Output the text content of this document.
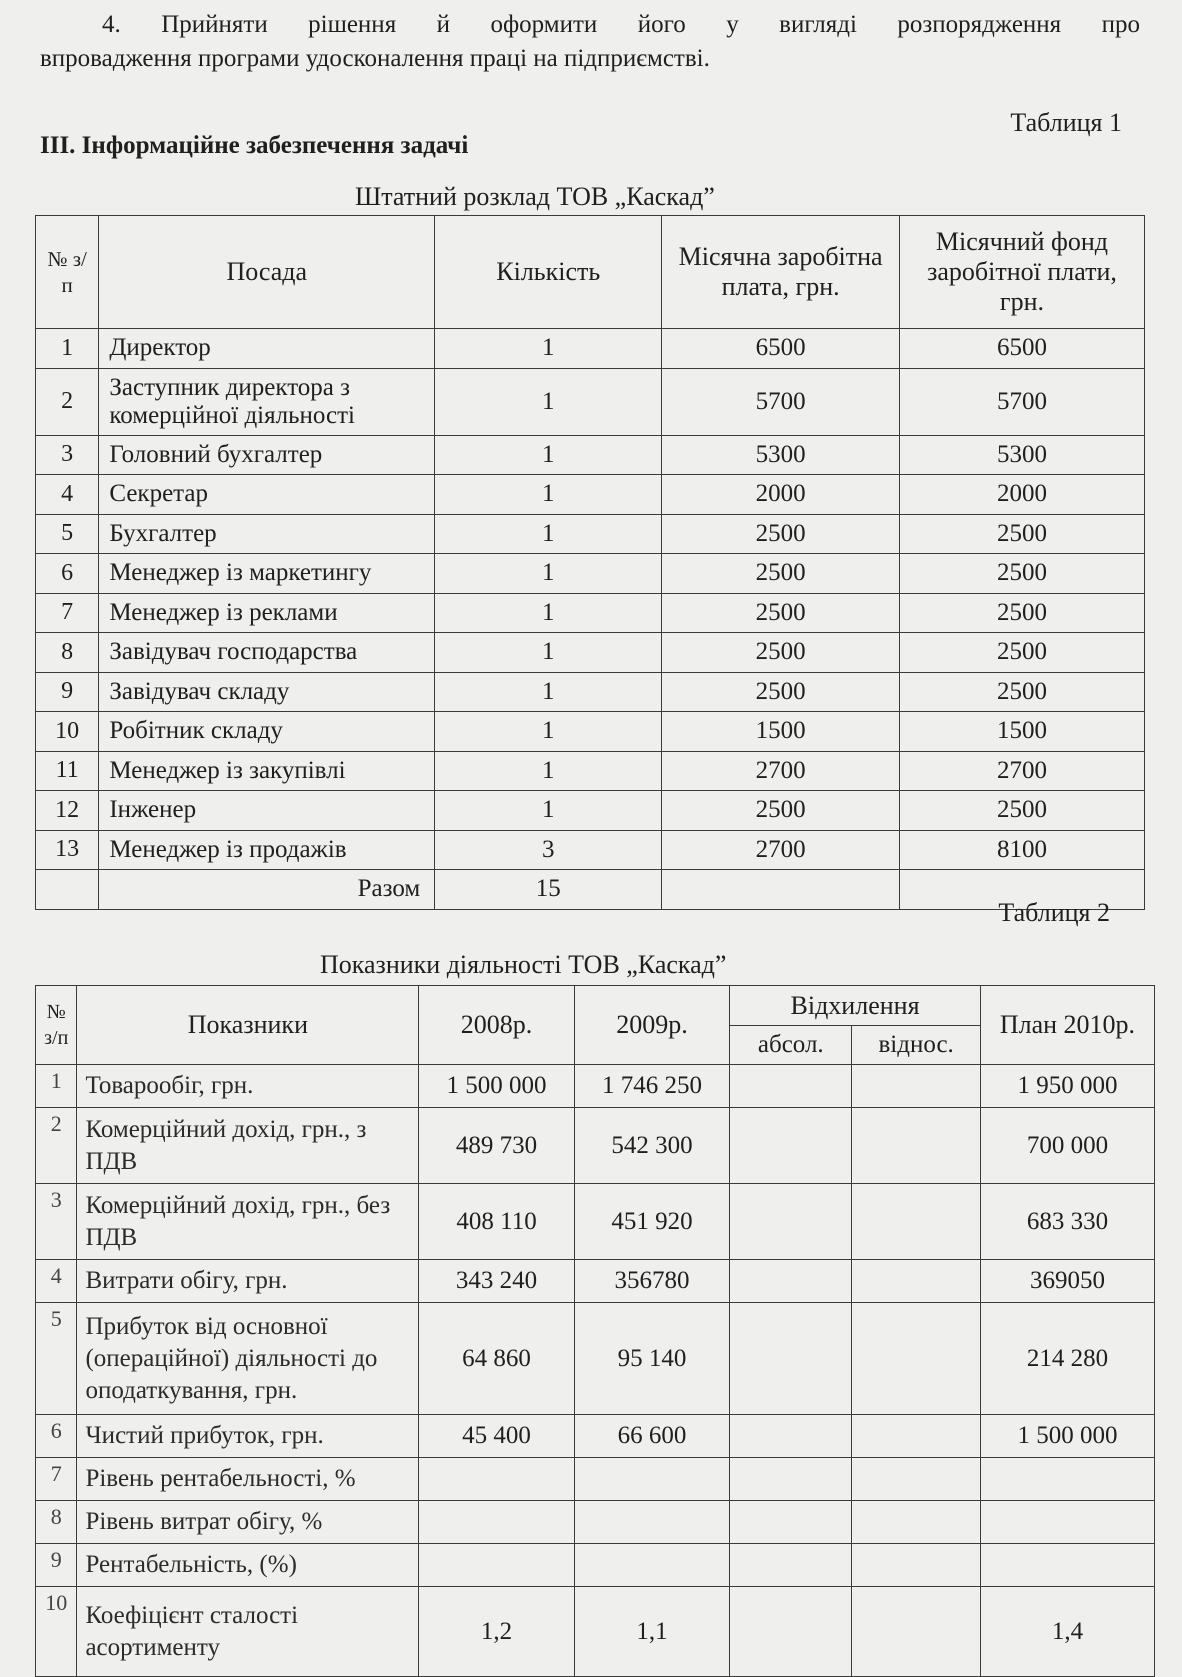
4. Прийняти рішення й оформити його у вигляді розпорядження про
впровадження програми удосконалення праці на підприємстві.
Таблиця 1
ІІІ. Інформаційне забезпечення задачі
Штатний розклад ТОВ „Каскад”
№ з/п	Посада	Кількість	Місячна заробітна плата, грн.	Місячний фонд заробітної плати, грн.
1	Директор	1	6500	6500
2	Заступник директора з комерційної діяльності	1	5700	5700
3	Головний бухгалтер	1	5300	5300
4	Секретар	1	2000	2000
5	Бухгалтер	1	2500	2500
6	Менеджер із маркетингу	1	2500	2500
7	Менеджер із реклами	1	2500	2500
8	Завідувач господарства	1	2500	2500
9	Завідувач складу	1	2500	2500
10	Робітник складу	1	1500	1500
11	Менеджер із закупівлі	1	2700	2700
12	Інженер	1	2500	2500
13	Менеджер із продажів	3	2700	8100
	Разом	15		
Таблиця 2
Показники діяльності ТОВ „Каскад”
№ з/п	Показники	2008р.	2009р.	Відхилення		План 2010р.
				абсол.	віднос.	
1	Товарообіг, грн.	1 500 000	1 746 250			1 950 000
2	Комерційний дохід, грн., з ПДВ	489 730	542 300			700 000
3	Комерційний дохід, грн., без ПДВ	408 110	451 920			683 330
4	Витрати обігу, грн.	343 240	356780			369050
5	Прибуток від основної (операційної) діяльності до оподаткування, грн.	64 860	95 140			214 280
6	Чистий прибуток, грн.	45 400	66 600			1 500 000
7	Рівень рентабельності, %					
8	Рівень витрат обігу, %					
9	Рентабельність, (%)					
10	Коефіцієнт сталості асортименту	1,2	1,1			1,4
